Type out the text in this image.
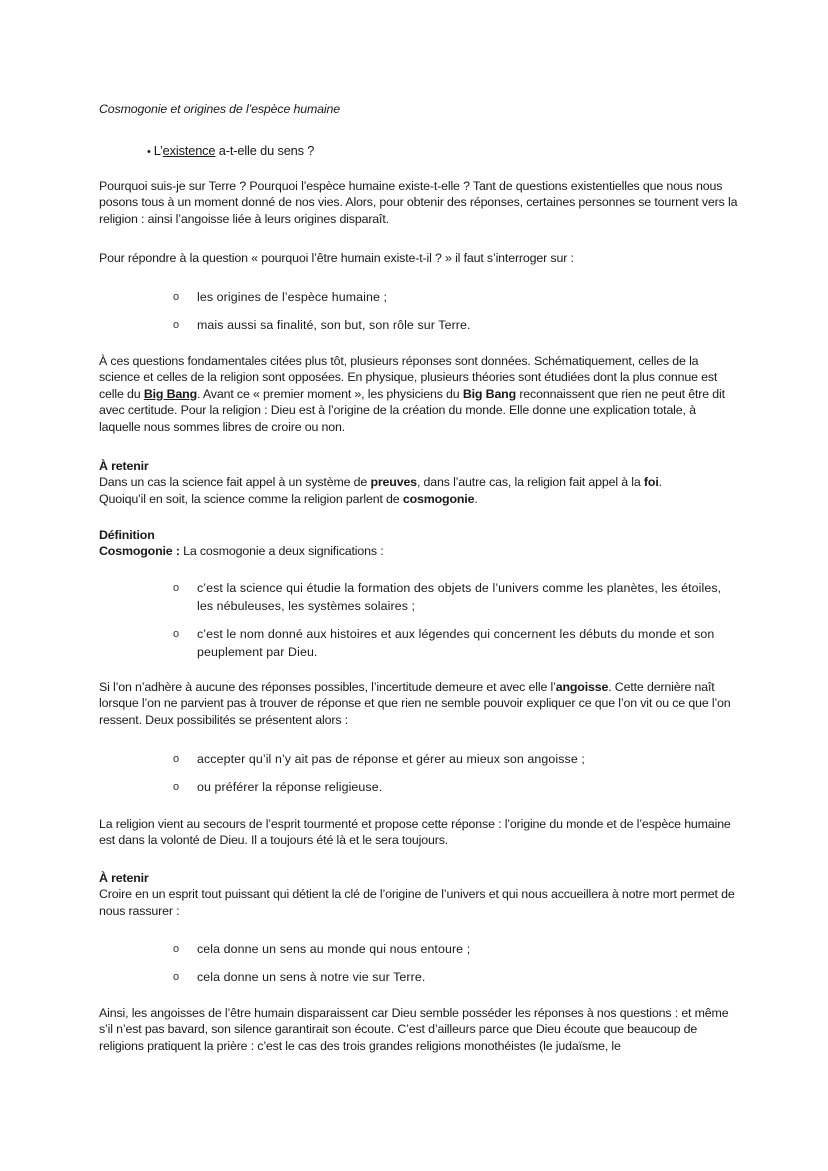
Cosmogonie et origines de l’espèce humaine
• L’existence a-t-elle du sens ?
Pourquoi suis-je sur Terre ? Pourquoi l’espèce humaine existe-t-elle ? Tant de questions existentielles que nous nous posons tous à un moment donné de nos vies. Alors, pour obtenir des réponses, certaines personnes se tournent vers la religion : ainsi l’angoisse liée à leurs origines disparaît.
Pour répondre à la question « pourquoi l’être humain existe-t-il ? » il faut s’interroger sur :
o	les origines de l’espèce humaine ;
o	mais aussi sa finalité, son but, son rôle sur Terre.
À ces questions fondamentales citées plus tôt, plusieurs réponses sont données. Schématiquement, celles de la science et celles de la religion sont opposées. En physique, plusieurs théories sont étudiées dont la plus connue est celle du Big Bang. Avant ce « premier moment », les physiciens du Big Bang reconnaissent que rien ne peut être dit avec certitude. Pour la religion : Dieu est à l’origine de la création du monde. Elle donne une explication totale, à laquelle nous sommes libres de croire ou non.
À retenir
Dans un cas la science fait appel à un système de preuves, dans l’autre cas, la religion fait appel à la foi.
Quoiqu’il en soit, la science comme la religion parlent de cosmogonie.
Définition
Cosmogonie : La cosmogonie a deux significations :
o	c’est la science qui étudie la formation des objets de l’univers comme les planètes, les étoiles, les nébuleuses, les systèmes solaires ;
o	c’est le nom donné aux histoires et aux légendes qui concernent les débuts du monde et son peuplement par Dieu.
Si l’on n’adhère à aucune des réponses possibles, l’incertitude demeure et avec elle l’angoisse. Cette dernière naît lorsque l’on ne parvient pas à trouver de réponse et que rien ne semble pouvoir expliquer ce que l’on vit ou ce que l’on ressent. Deux possibilités se présentent alors :
o	accepter qu’il n’y ait pas de réponse et gérer au mieux son angoisse ;
o	ou préférer la réponse religieuse.
La religion vient au secours de l’esprit tourmenté et propose cette réponse : l’origine du monde et de l’espèce humaine est dans la volonté de Dieu. Il a toujours été là et le sera toujours.
À retenir
Croire en un esprit tout puissant qui détient la clé de l’origine de l’univers et qui nous accueillera à notre mort permet de nous rassurer :
o	cela donne un sens au monde qui nous entoure ;
o	cela donne un sens à notre vie sur Terre.
Ainsi, les angoisses de l’être humain disparaissent car Dieu semble posséder les réponses à nos questions : et même s’il n’est pas bavard, son silence garantirait son écoute. C’est d’ailleurs parce que Dieu écoute que beaucoup de religions pratiquent la prière : c’est le cas des trois grandes religions monothéistes (le judaïsme, le
